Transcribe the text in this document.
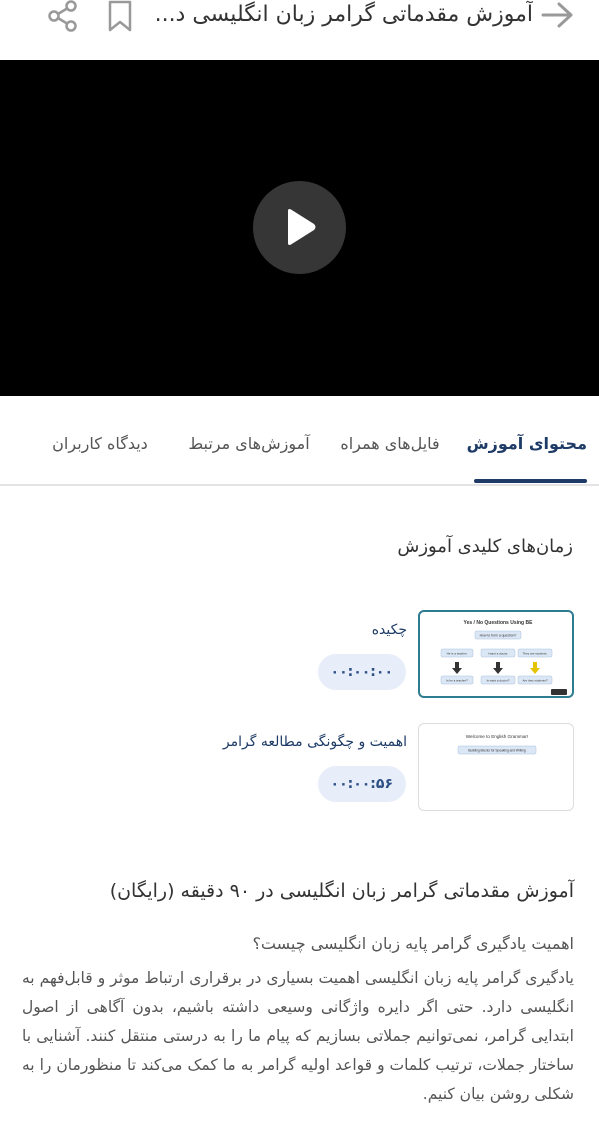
آموزش مقدماتی گرامر زبان انگلیسی د...
محتوای آموزش
فایل‌های همراه
آموزش‌های مرتبط
دیدگاه کاربران
زمان‌های کلیدی آموزش
Yes / No Questions Using BE
How to form a question?
He is a teacher.	I want a doctor.	They are students.
Is he a teacher?	Is want a doctor?	Are they students?
چکیده
۰۰:۰۰:۰۰
Welcome to English Grammar!
Building Blocks for Speaking and Writing
اهمیت و چگونگی مطالعه گرامر
۰۰:۰۰:۵۶
آموزش مقدماتی گرامر زبان انگلیسی در ۹۰ دقیقه (رایگان)
اهمیت یادگیری گرامر پایه زبان انگلیسی چیست؟
یادگیری گرامر پایه زبان انگلیسی اهمیت بسیاری در برقراری ارتباط موثر و قابل‌فهم به انگلیسی دارد. حتی اگر دایره واژگانی وسیعی داشته باشیم، بدون آگاهی از اصول ابتدایی گرامر، نمی‌توانیم جملاتی بسازیم که پیام ما را به درستی منتقل کنند. آشنایی با ساختار جملات، ترتیب کلمات و قواعد اولیه گرامر به ما کمک می‌کند تا منظورمان را به شکلی روشن بیان کنیم.
